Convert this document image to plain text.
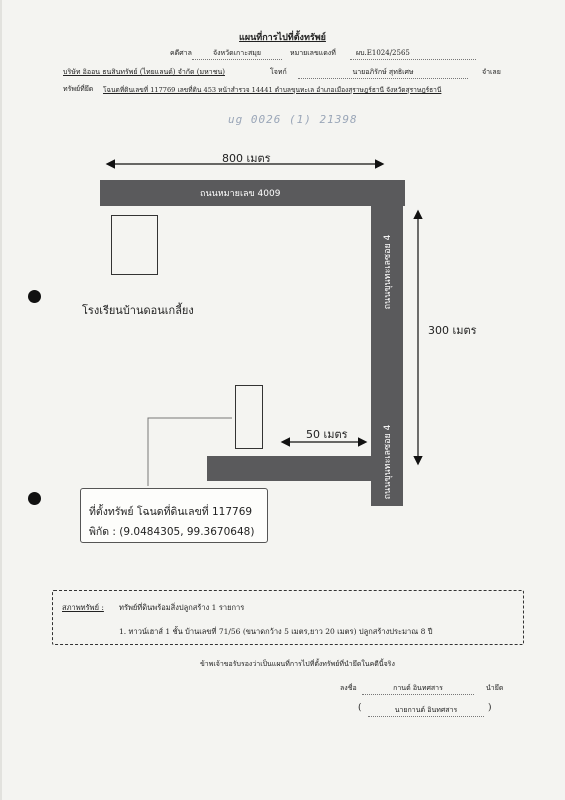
แผนที่การไปที่ตั้งทรัพย์
คดีศาล	จังหวัดเกาะสมุย	หมายเลขแดงที่	ผบ.E1024/2565
บริษัท อิออน ธนสินทรัพย์ (ไทยแลนด์) จำกัด (มหาชน)	โจทก์	นายอภิรักษ์ สุทธิเศษ	จำเลย
ทรัพย์ที่ยึด โฉนดที่ดินเลขที่ 117769 เลขที่ดิน 453 หน้าสำรวจ 14441 ตำบลขุนทะเล อำเภอเมืองสุราษฎร์ธานี จังหวัดสุราษฎร์ธานี
ug 0026 (1) 21398
800 เมตร
ถนนหมายเลข 4009
ถนนขุนทะเลซอย 4
ถนนขุนทะเลซอย 4
300 เมตร
50 เมตร
โรงเรียนบ้านดอนเกลี้ยง
ที่ตั้งทรัพย์ โฉนดที่ดินเลขที่ 117769
พิกัด : (9.0484305, 99.3670648)
สภาพทรัพย์ : ทรัพย์ที่ดินพร้อมสิ่งปลูกสร้าง 1 รายการ
1. ทาวน์เฮาส์ 1 ชั้น บ้านเลขที่ 71/56 (ขนาดกว้าง 5 เมตร,ยาว 20 เมตร) ปลูกสร้างประมาณ 8 ปี
ข้าพเจ้าขอรับรองว่าเป็นแผนที่การไปที่ตั้งทรัพย์ที่นำยึดในคดีนี้จริง
ลงชื่อ	กานต์ อินทศสาร	นำยึด
(	นายกานต์ อินทศสาร	)
